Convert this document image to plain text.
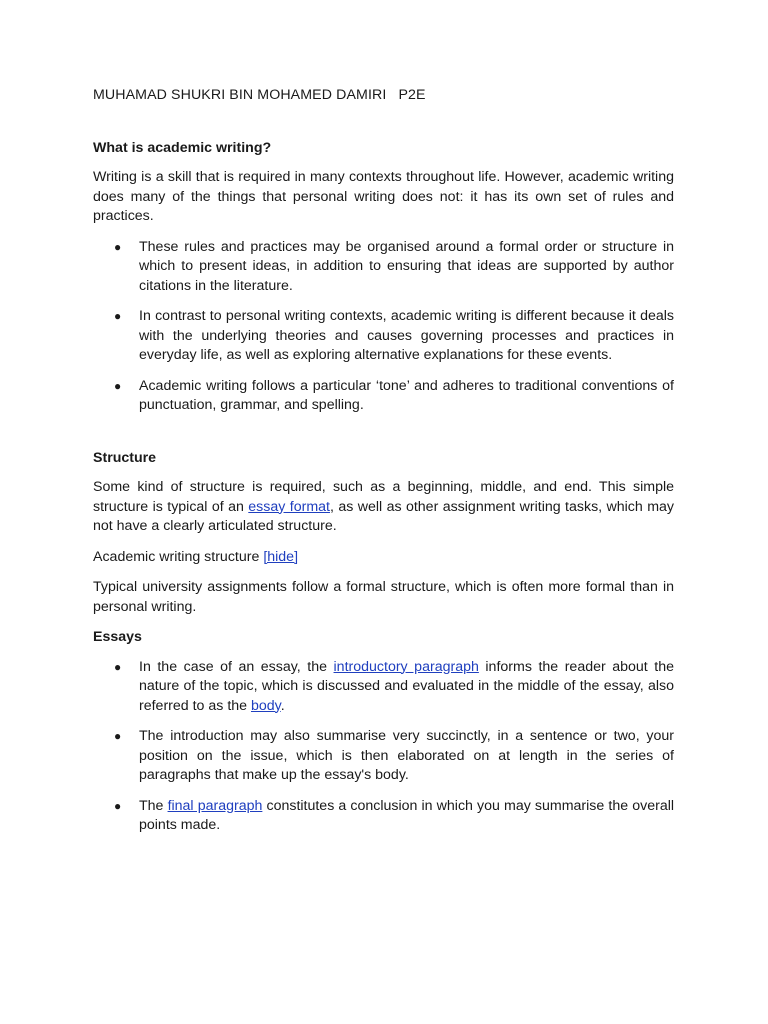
MUHAMAD SHUKRI BIN MOHAMED DAMIRI   P2E
What is academic writing?

Writing is a skill that is required in many contexts throughout life. However, academic writing does many of the things that personal writing does not: it has its own set of rules and practices.

● These rules and practices may be organised around a formal order or structure in which to present ideas, in addition to ensuring that ideas are supported by author citations in the literature.
● In contrast to personal writing contexts, academic writing is different because it deals with the underlying theories and causes governing processes and practices in everyday life, as well as exploring alternative explanations for these events.
● Academic writing follows a particular ‘tone’ and adheres to traditional conventions of punctuation, grammar, and spelling.
Structure

Some kind of structure is required, such as a beginning, middle, and end. This simple structure is typical of an essay format, as well as other assignment writing tasks, which may not have a clearly articulated structure.

Academic writing structure [hide]

Typical university assignments follow a formal structure, which is often more formal than in personal writing.

Essays
● In the case of an essay, the introductory paragraph informs the reader about the nature of the topic, which is discussed and evaluated in the middle of the essay, also referred to as the body.
● The introduction may also summarise very succinctly, in a sentence or two, your position on the issue, which is then elaborated on at length in the series of paragraphs that make up the essay's body.
● The final paragraph constitutes a conclusion in which you may summarise the overall points made.
